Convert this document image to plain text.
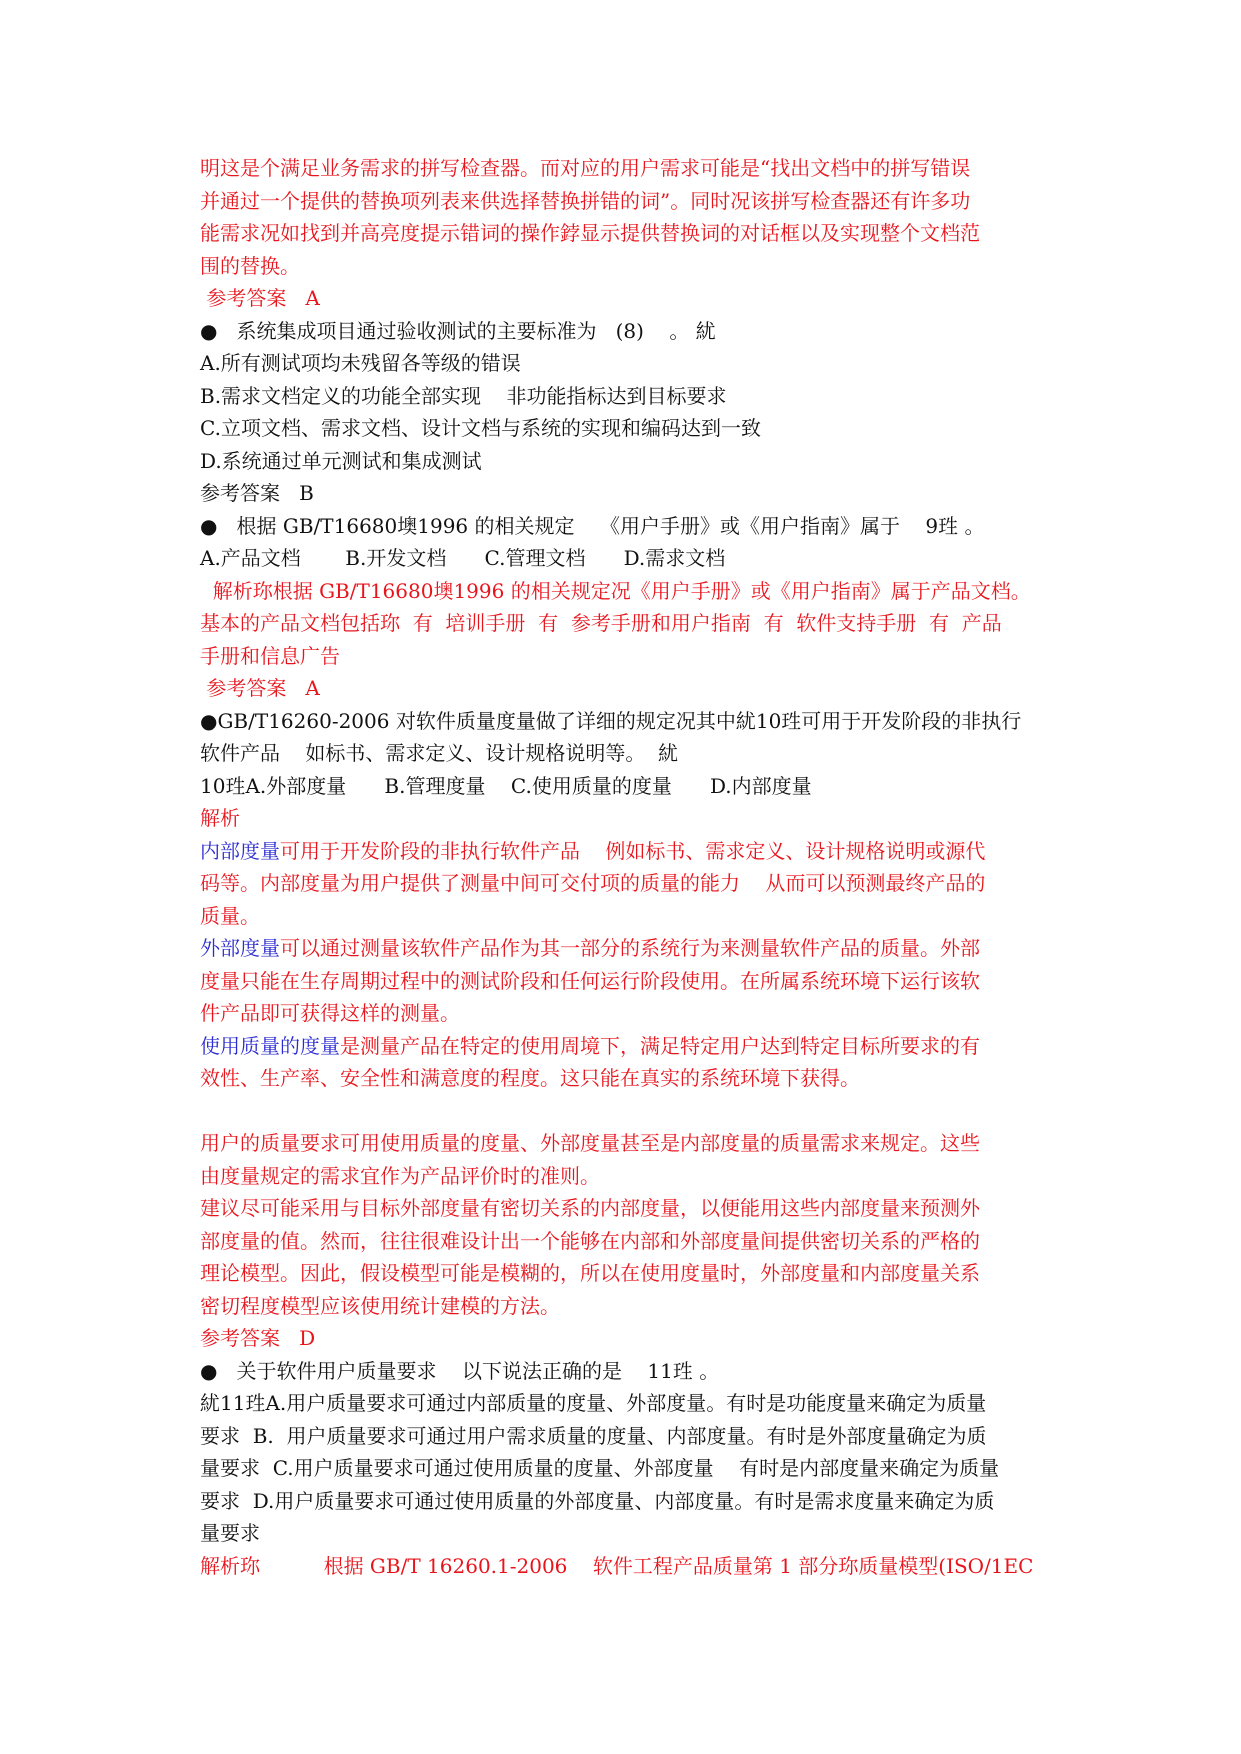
明这是个满足业务需求的拼写检查器。而对应的用户需求可能是“找出文档中的拼写错误
并通过一个提供的替换项列表来供选择替换拼错的词”。同时况该拼写检查器还有许多功
能需求况如找到并高亮度提示错词的操作鋍显示提供替换词的对话框以及实现整个文档范
围的替换。
参考答案   A
●   系统集成项目通过验收测试的主要标准为   (8)    。 紌
A.所有测试项均未残留各等级的错误
B.需求文档定义的功能全部实现    非功能指标达到目标要求
C.立项文档、需求文档、设计文档与系统的实现和编码达到一致
D.系统通过单元测试和集成测试
参考答案   B
●   根据 GB/T16680墺1996 的相关规定    《用户手册》或《用户指南》属于    9珄 。
A.产品文档       B.开发文档      C.管理文档      D.需求文档
解析珎根据 GB/T16680墺1996 的相关规定况《用户手册》或《用户指南》属于产品文档。
基本的产品文档包括珎  有  培训手册  有  参考手册和用户指南  有  软件支持手册  有  产品
手册和信息广告
参考答案   A
●GB/T16260-2006 对软件质量度量做了详细的规定况其中紌10珄可用于开发阶段的非执行
软件产品    如标书、需求定义、设计规格说明等。  紌
10珄A.外部度量      B.管理度量    C.使用质量的度量      D.内部度量
解析
内部度量可用于开发阶段的非执行软件产品    例如标书、需求定义、设计规格说明或源代
码等。内部度量为用户提供了测量中间可交付项的质量的能力    从而可以预测最终产品的
质量。
外部度量可以通过测量该软件产品作为其一部分的系统行为来测量软件产品的质量。外部
度量只能在生存周期过程中的测试阶段和任何运行阶段使用。在所属系统环境下运行该软
件产品即可获得这样的测量。
使用质量的度量是测量产品在特定的使用周境下，满足特定用户达到特定目标所要求的有
效性、生产率、安全性和满意度的程度。这只能在真实的系统环境下获得。
用户的质量要求可用使用质量的度量、外部度量甚至是内部度量的质量需求来规定。这些
由度量规定的需求宜作为产品评价时的准则。
建议尽可能采用与目标外部度量有密切关系的内部度量，以便能用这些内部度量来预测外
部度量的值。然而，往往很难设计出一个能够在内部和外部度量间提供密切关系的严格的
理论模型。因此，假设模型可能是模糊的，所以在使用度量时，外部度量和内部度量关系
密切程度模型应该使用统计建模的方法。
参考答案   D
●   关于软件用户质量要求    以下说法正确的是    11珄 。
紌11珄A.用户质量要求可通过内部质量的度量、外部度量。有时是功能度量来确定为质量
要求  B.  用户质量要求可通过用户需求质量的度量、内部度量。有时是外部度量确定为质
量要求  C.用户质量要求可通过使用质量的度量、外部度量    有时是内部度量来确定为质量
要求  D.用户质量要求可通过使用质量的外部度量、内部度量。有时是需求度量来确定为质
量要求
解析珎          根据 GB/T 16260.1-2006    软件工程产品质量第 1 部分珎质量模型(ISO/1EC
